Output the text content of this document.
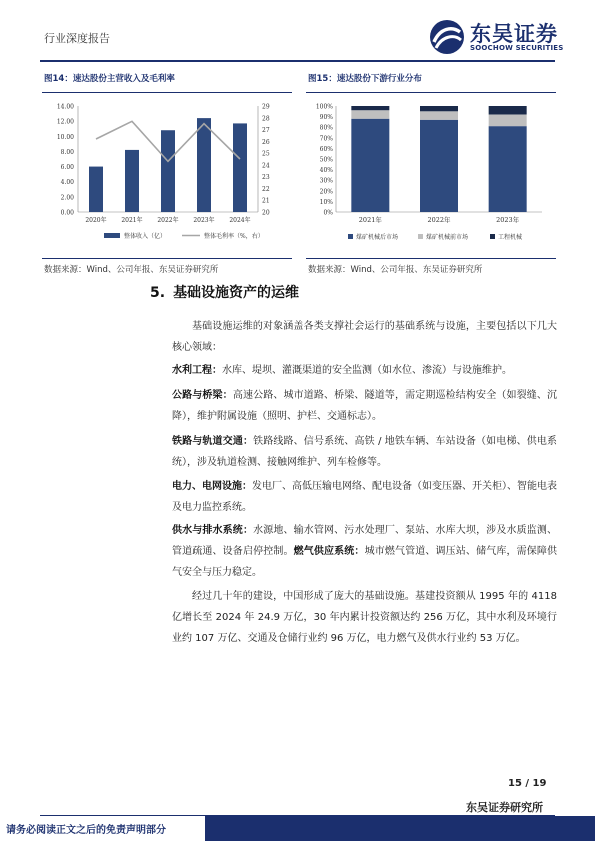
行业深度报告	东吴证券
SOOCHOW SECURITIES
图14：速达股份主营收入及毛利率
0.00
2.00
4.00
6.00
8.00
10.00
12.00
14.00
20
21
22
23
24
25
26
27
28
29
2020年 2021年 2022年 2023年 2024年
整体收入（亿）	整体毛利率（%，右）
数据来源：Wind、公司年报、东吴证券研究所
图15：速达股份下游行业分布
0%
10%
20%
30%
40%
50%
60%
70%
80%
90%
100%
2021年	2022年	2023年
煤矿机械后市场	煤矿机械前市场	工程机械
数据来源：Wind、公司年报、东吴证券研究所
5. 基础设施资产的运维
基础设施运维的对象涵盖各类支撑社会运行的基础系统与设施，主要包括以下几大核心领域：
水利工程：水库、堤坝、灌溉渠道的安全监测（如水位、渗流）与设施维护。
公路与桥梁：高速公路、城市道路、桥梁、隧道等，需定期巡检结构安全（如裂缝、沉降），维护附属设施（照明、护栏、交通标志）。
铁路与轨道交通：铁路线路、信号系统、高铁 / 地铁车辆、车站设备（如电梯、供电系统），涉及轨道检测、接触网维护、列车检修等。
电力、电网设施：发电厂、高低压输电网络、配电设备（如变压器、开关柜）、智能电表及电力监控系统。
供水与排水系统：水源地、输水管网、污水处理厂、泵站、水库大坝，涉及水质监测、管道疏通、设备启停控制。燃气供应系统：城市燃气管道、调压站、储气库，需保障供气安全与压力稳定。
经过几十年的建设，中国形成了庞大的基础设施。基建投资额从 1995 年的 4118 亿增长至 2024 年 24.9 万亿，30 年内累计投资额达约 256 万亿，其中水利及环境行业约 107 万亿、交通及仓储行业约 96 万亿，电力燃气及供水行业约 53 万亿。
15 / 19
东吴证券研究所
请务必阅读正文之后的免责声明部分
